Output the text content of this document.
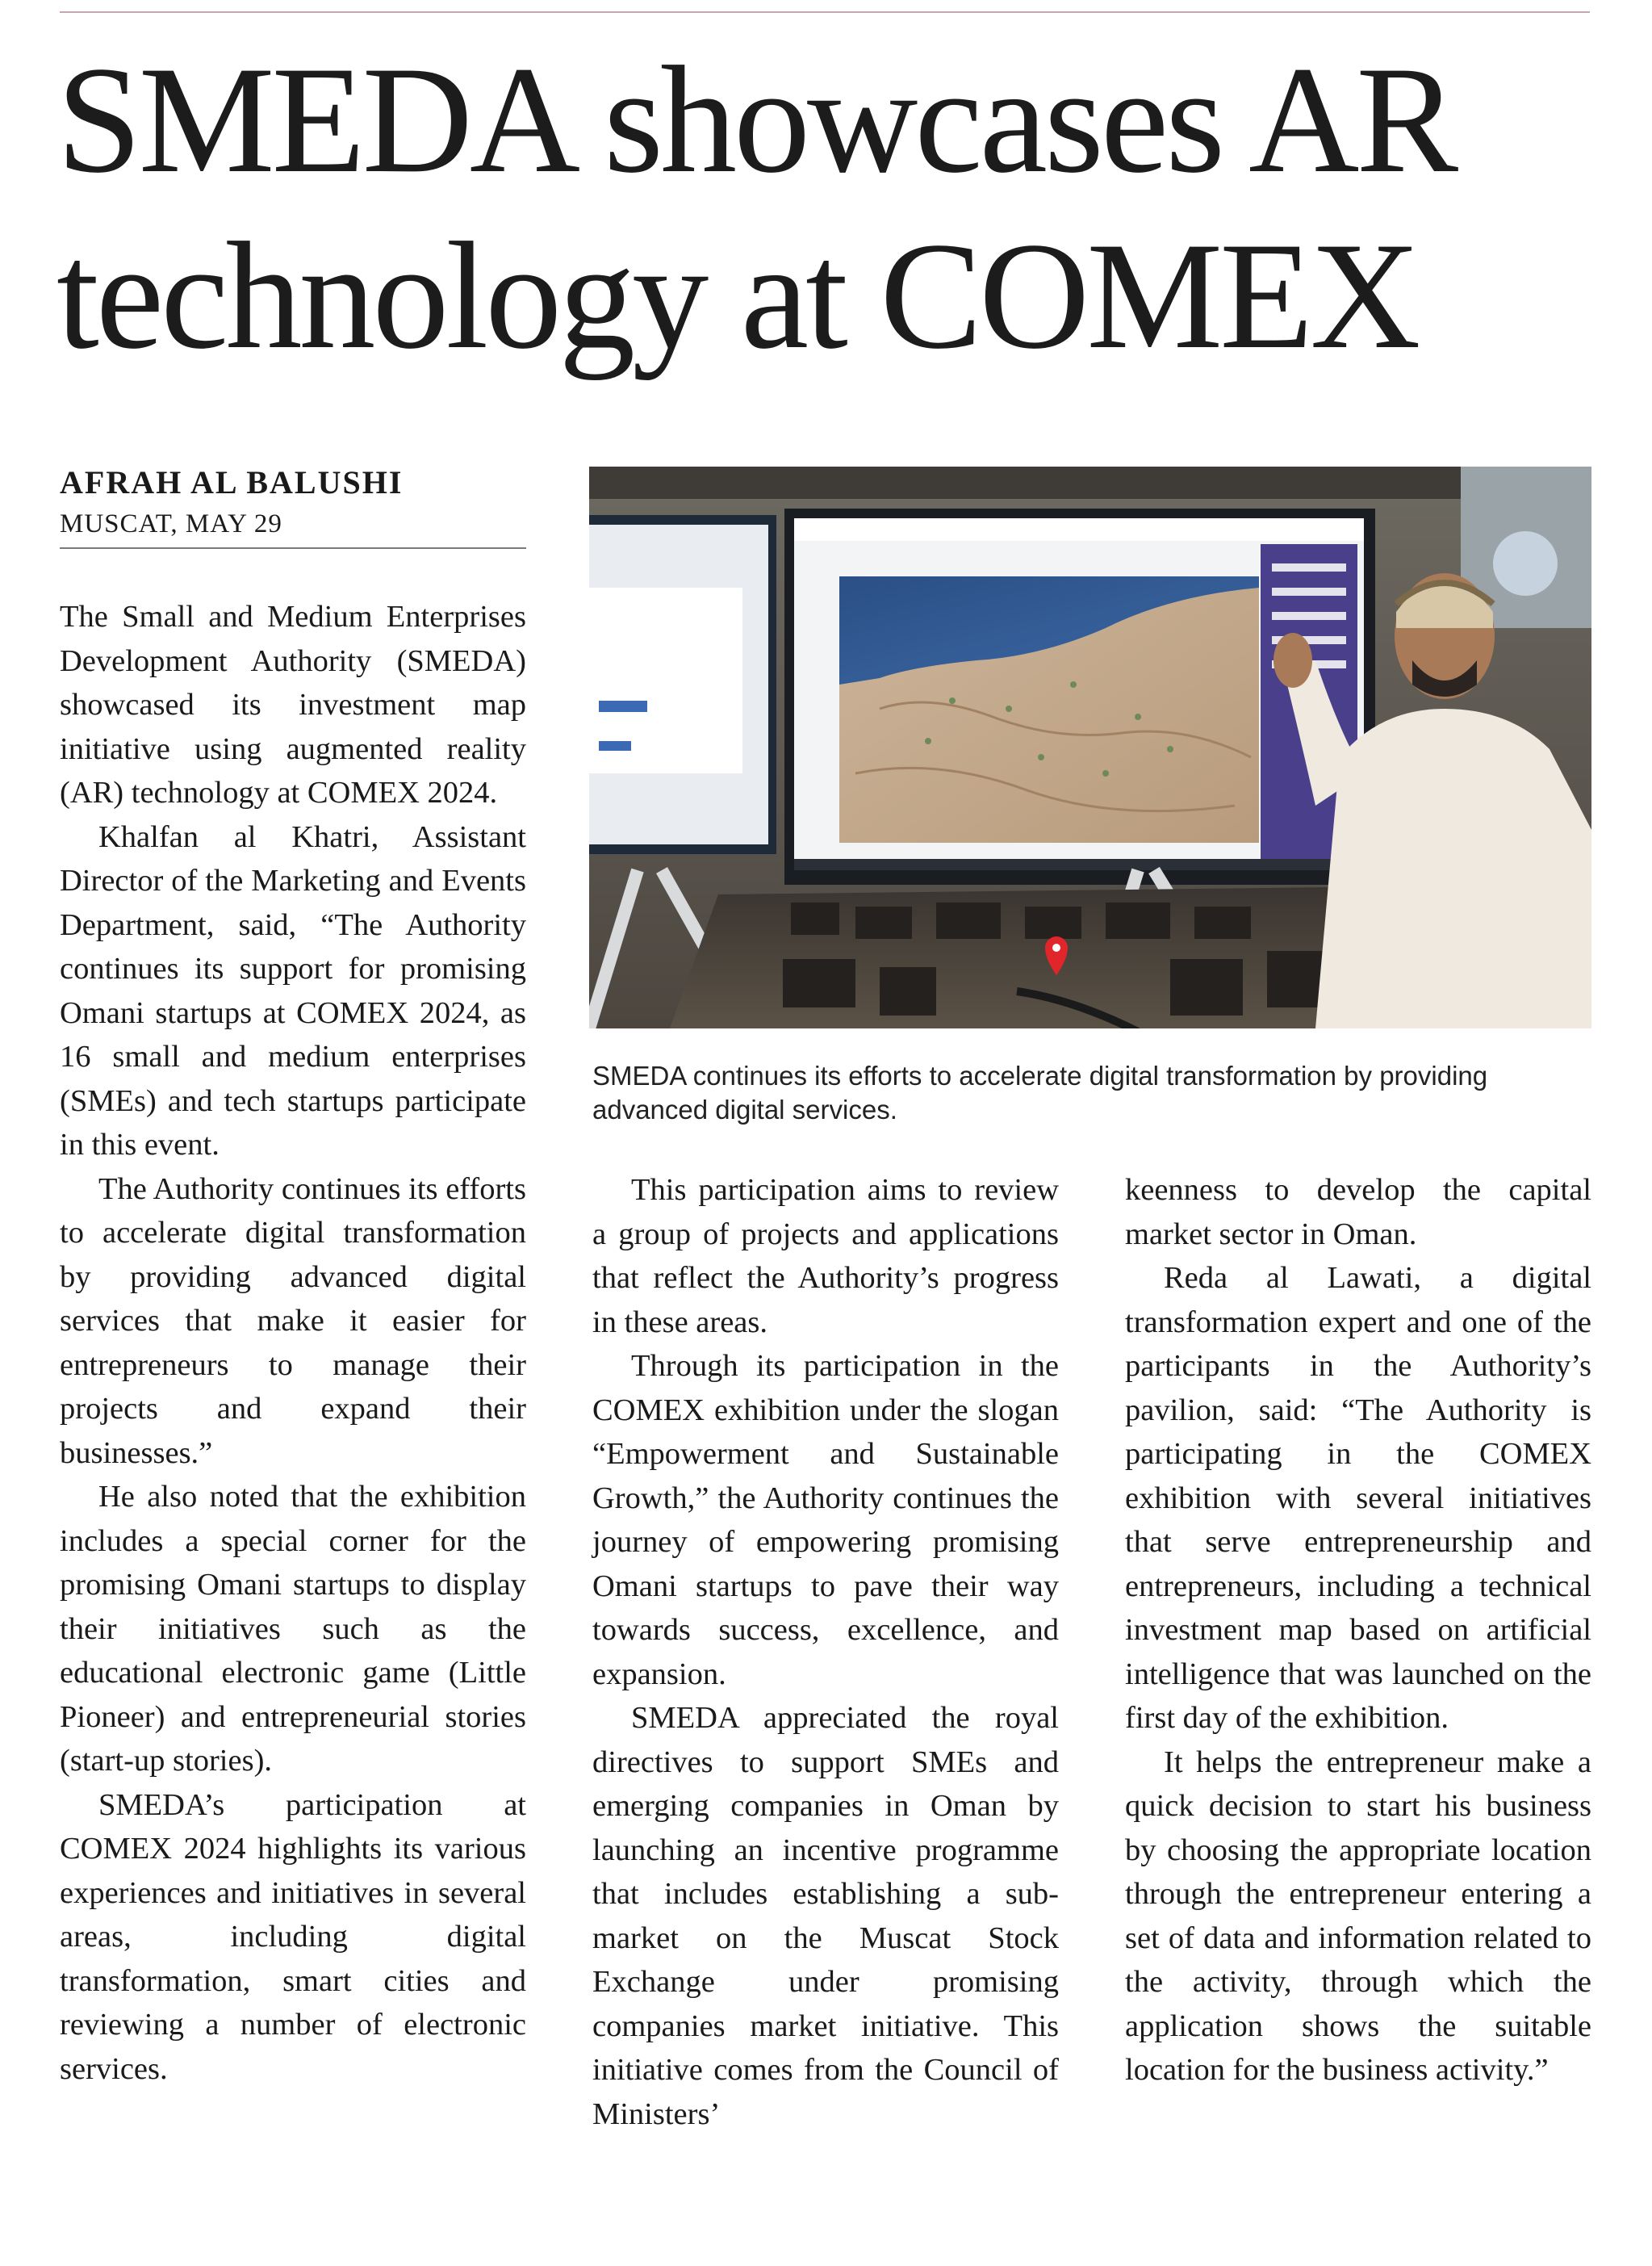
SMEDA showcases AR technology at COMEX
AFRAH AL BALUSHI
MUSCAT, MAY 29

The Small and Medium Enterprises Development Authority (SMEDA) showcased its investment map initiative using augmented reality (AR) technology at COMEX 2024.

Khalfan al Khatri, Assistant Director of the Marketing and Events Department, said, “The Authority continues its support for promising Omani startups at COMEX 2024, as 16 small and medium enterprises (SMEs) and tech startups participate in this event.

The Authority continues its efforts to accelerate digital transformation by providing advanced digital services that make it easier for entrepreneurs to manage their projects and expand their businesses.”

He also noted that the exhibition includes a special corner for the promising Omani startups to display their initiatives such as the educational electronic game (Little Pioneer) and entrepreneurial stories (start-up stories).

SMEDA’s participation at COMEX 2024 highlights its various experiences and initiatives in several areas, including digital transformation, smart cities and reviewing a number of electronic services.

SMEDA continues its efforts to accelerate digital transformation by providing advanced digital services.

This participation aims to review a group of projects and applications that reflect the Authority’s progress in these areas.

Through its participation in the COMEX exhibition under the slogan “Empowerment and Sustainable Growth,” the Authority continues the journey of empowering promising Omani startups to pave their way towards success, excellence, and expansion.

SMEDA appreciated the royal directives to support SMEs and emerging companies in Oman by launching an incentive programme that includes establishing a sub-market on the Muscat Stock Exchange under promising companies market initiative. This initiative comes from the Council of Ministers’

keenness to develop the capital market sector in Oman.

Reda al Lawati, a digital transformation expert and one of the participants in the Authority’s pavilion, said: “The Authority is participating in the COMEX exhibition with several initiatives that serve entrepreneurship and entrepreneurs, including a technical investment map based on artificial intelligence that was launched on the first day of the exhibition.

It helps the entrepreneur make a quick decision to start his business by choosing the appropriate location through the entrepreneur entering a set of data and information related to the activity, through which the application shows the suitable location for the business activity.”
